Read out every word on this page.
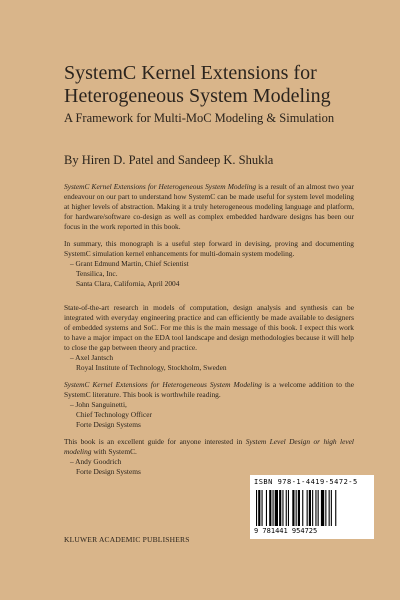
SystemC Kernel Extensions for
Heterogeneous System Modeling
A Framework for Multi-MoC Modeling & Simulation
By Hiren D. Patel and Sandeep K. Shukla

SystemC Kernel Extensions for Heterogeneous System Modeling is a result of an almost two year endeavour on our part to understand how SystemC can be made useful for system level modeling at higher levels of abstraction. Making it a truly heterogeneous modeling language and platform, for hardware/software co-design as well as complex embedded hardware designs has been our focus in the work reported in this book.

In summary, this monograph is a useful step forward in devising, proving and documenting SystemC simulation kernel enhancements for multi-domain system modeling.

– Grant Edmund Martin, Chief Scientist
Tensilica, Inc.
Santa Clara, California, April 2004

State-of-the-art research in models of computation, design analysis and synthesis can be integrated with everyday engineering practice and can efficiently be made available to designers of embedded systems and SoC. For me this is the main message of this book. I expect this work to have a major impact on the EDA tool landscape and design methodologies because it will help to close the gap between theory and practice.

– Axel Jantsch
Royal Institute of Technology, Stockholm, Sweden

SystemC Kernel Extensions for Heterogeneous System Modeling is a welcome addition to the SystemC literature. This book is worthwhile reading.

– John Sanguinetti,
Chief Technology Officer
Forte Design Systems

This book is an excellent guide for anyone interested in System Level Design or high level modeling with SystemC.

– Andy Goodrich
Forte Design Systems

ISBN 978-1-4419-5472-5
9 781441 954725
KLUWER ACADEMIC PUBLISHERS
